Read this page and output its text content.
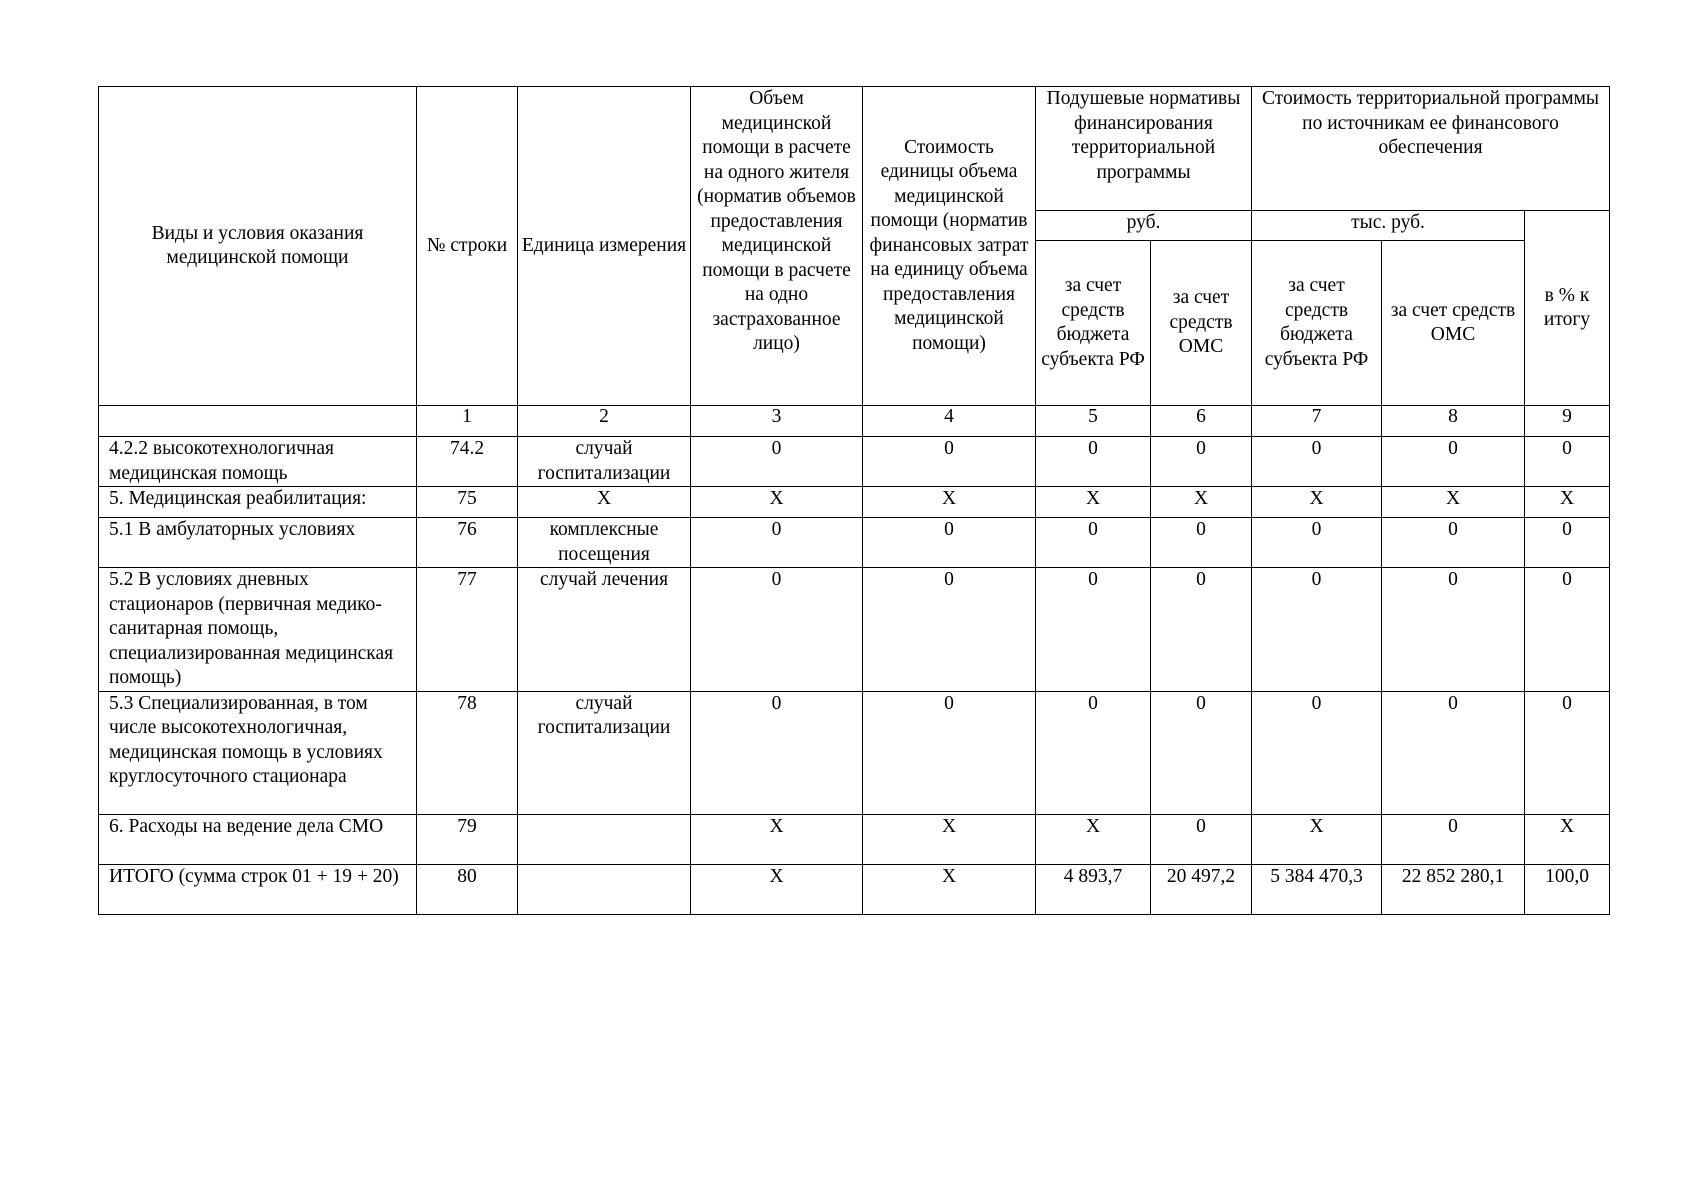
Виды и условия оказания медицинской помощи	№ строки	Единица измерения	Объем медицинской помощи в расчете на одного жителя (норматив объемов предоставления медицинской помощи в расчете на одно застрахованное лицо)	Стоимость единицы объема медицинской помощи (норматив финансовых затрат на единицу объема предоставления медицинской помощи)	Подушевые нормативы финансирования территориальной программы		Стоимость территориальной программы по источникам ее финансового обеспечения		
					руб.		тыс. руб.		в % к итогу
					за счет средств бюджета субъекта РФ	за счет средств ОМС	за счет средств бюджета субъекта РФ	за счет средств ОМС	
	1	2	3	4	5	6	7	8	9
4.2.2 высокотехнологичная медицинская помощь	74.2	случай госпитализации	0	0	0	0	0	0	0
5. Медицинская реабилитация:	75	Х	Х	Х	Х	Х	Х	Х	Х
5.1 В амбулаторных условиях	76	комплексные посещения	0	0	0	0	0	0	0
5.2 В условиях дневных стационаров (первичная медико-санитарная помощь, специализированная медицинская помощь)	77	случай лечения	0	0	0	0	0	0	0
5.3 Специализированная, в том числе высокотехнологичная, медицинская помощь в условиях круглосуточного стационара	78	случай госпитализации	0	0	0	0	0	0	0
6. Расходы на ведение дела СМО	79		Х	Х	Х	0	Х	0	Х
ИТОГО (сумма строк 01 + 19 + 20)	80		Х	Х	4 893,7	20 497,2	5 384 470,3	22 852 280,1	100,0
